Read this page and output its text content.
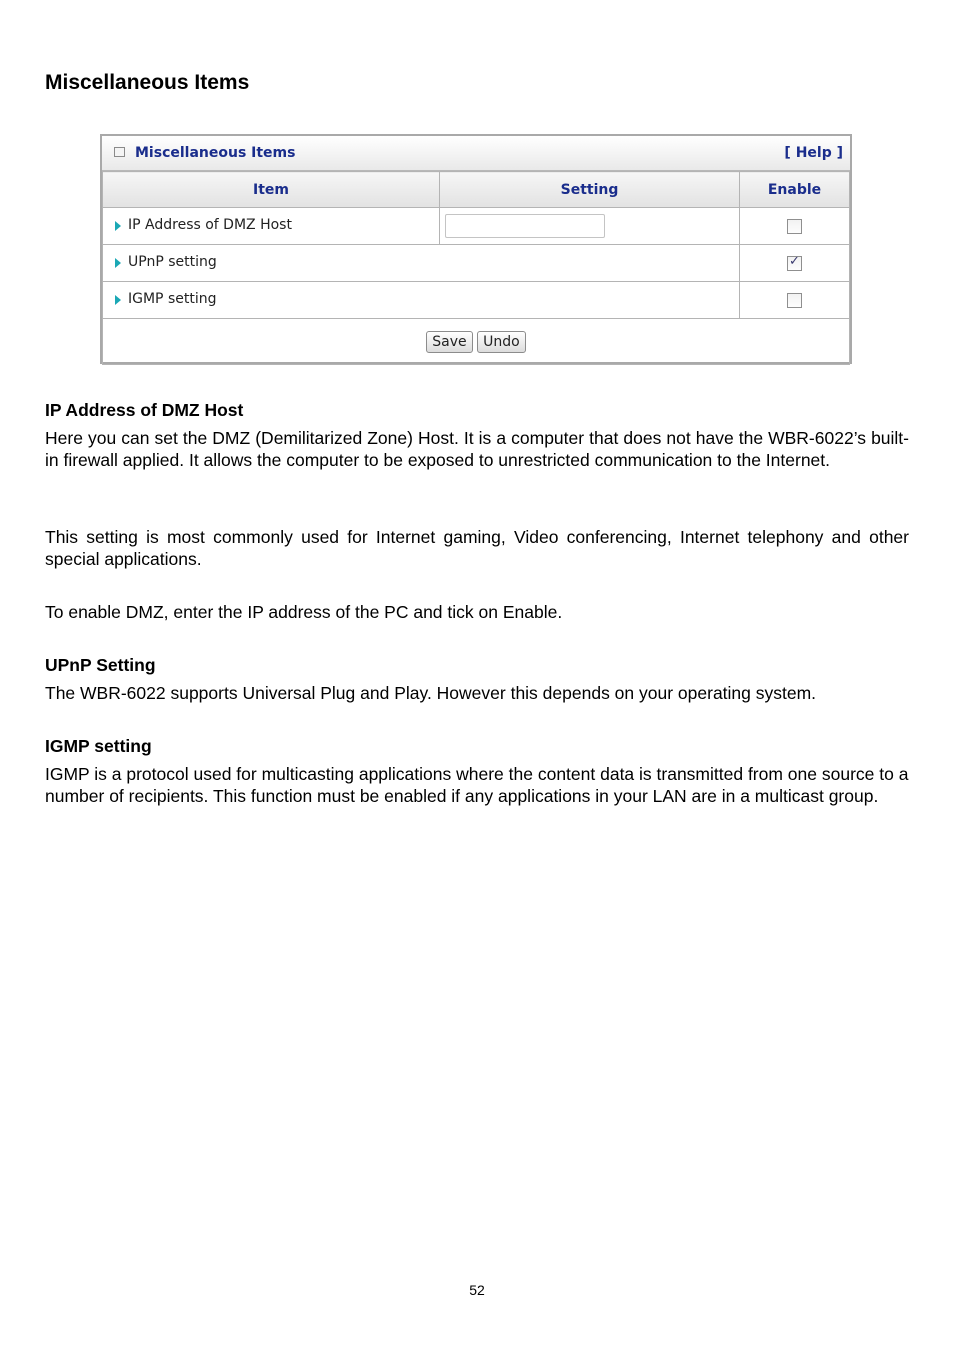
Miscellaneous Items
Miscellaneous Items	[ Help ]
Item	Setting	Enable

IP Address of DMZ Host

UPnP setting		✓

IGMP setting		

Save Undo		
IP Address of DMZ Host
Here you can set the DMZ (Demilitarized Zone) Host. It is a computer that does not have the WBR-6022’s built-in firewall applied. It allows the computer to be exposed to unrestricted communication to the Internet.
This setting is most commonly used for Internet gaming, Video conferencing, Internet telephony and other special applications.
To enable DMZ, enter the IP address of the PC and tick on Enable.
UPnP Setting
The WBR-6022 supports Universal Plug and Play. However this depends on your operating system.
IGMP setting
IGMP is a protocol used for multicasting applications where the content data is transmitted from one source to a number of recipients. This function must be enabled if any applications in your LAN are in a multicast group.
52
